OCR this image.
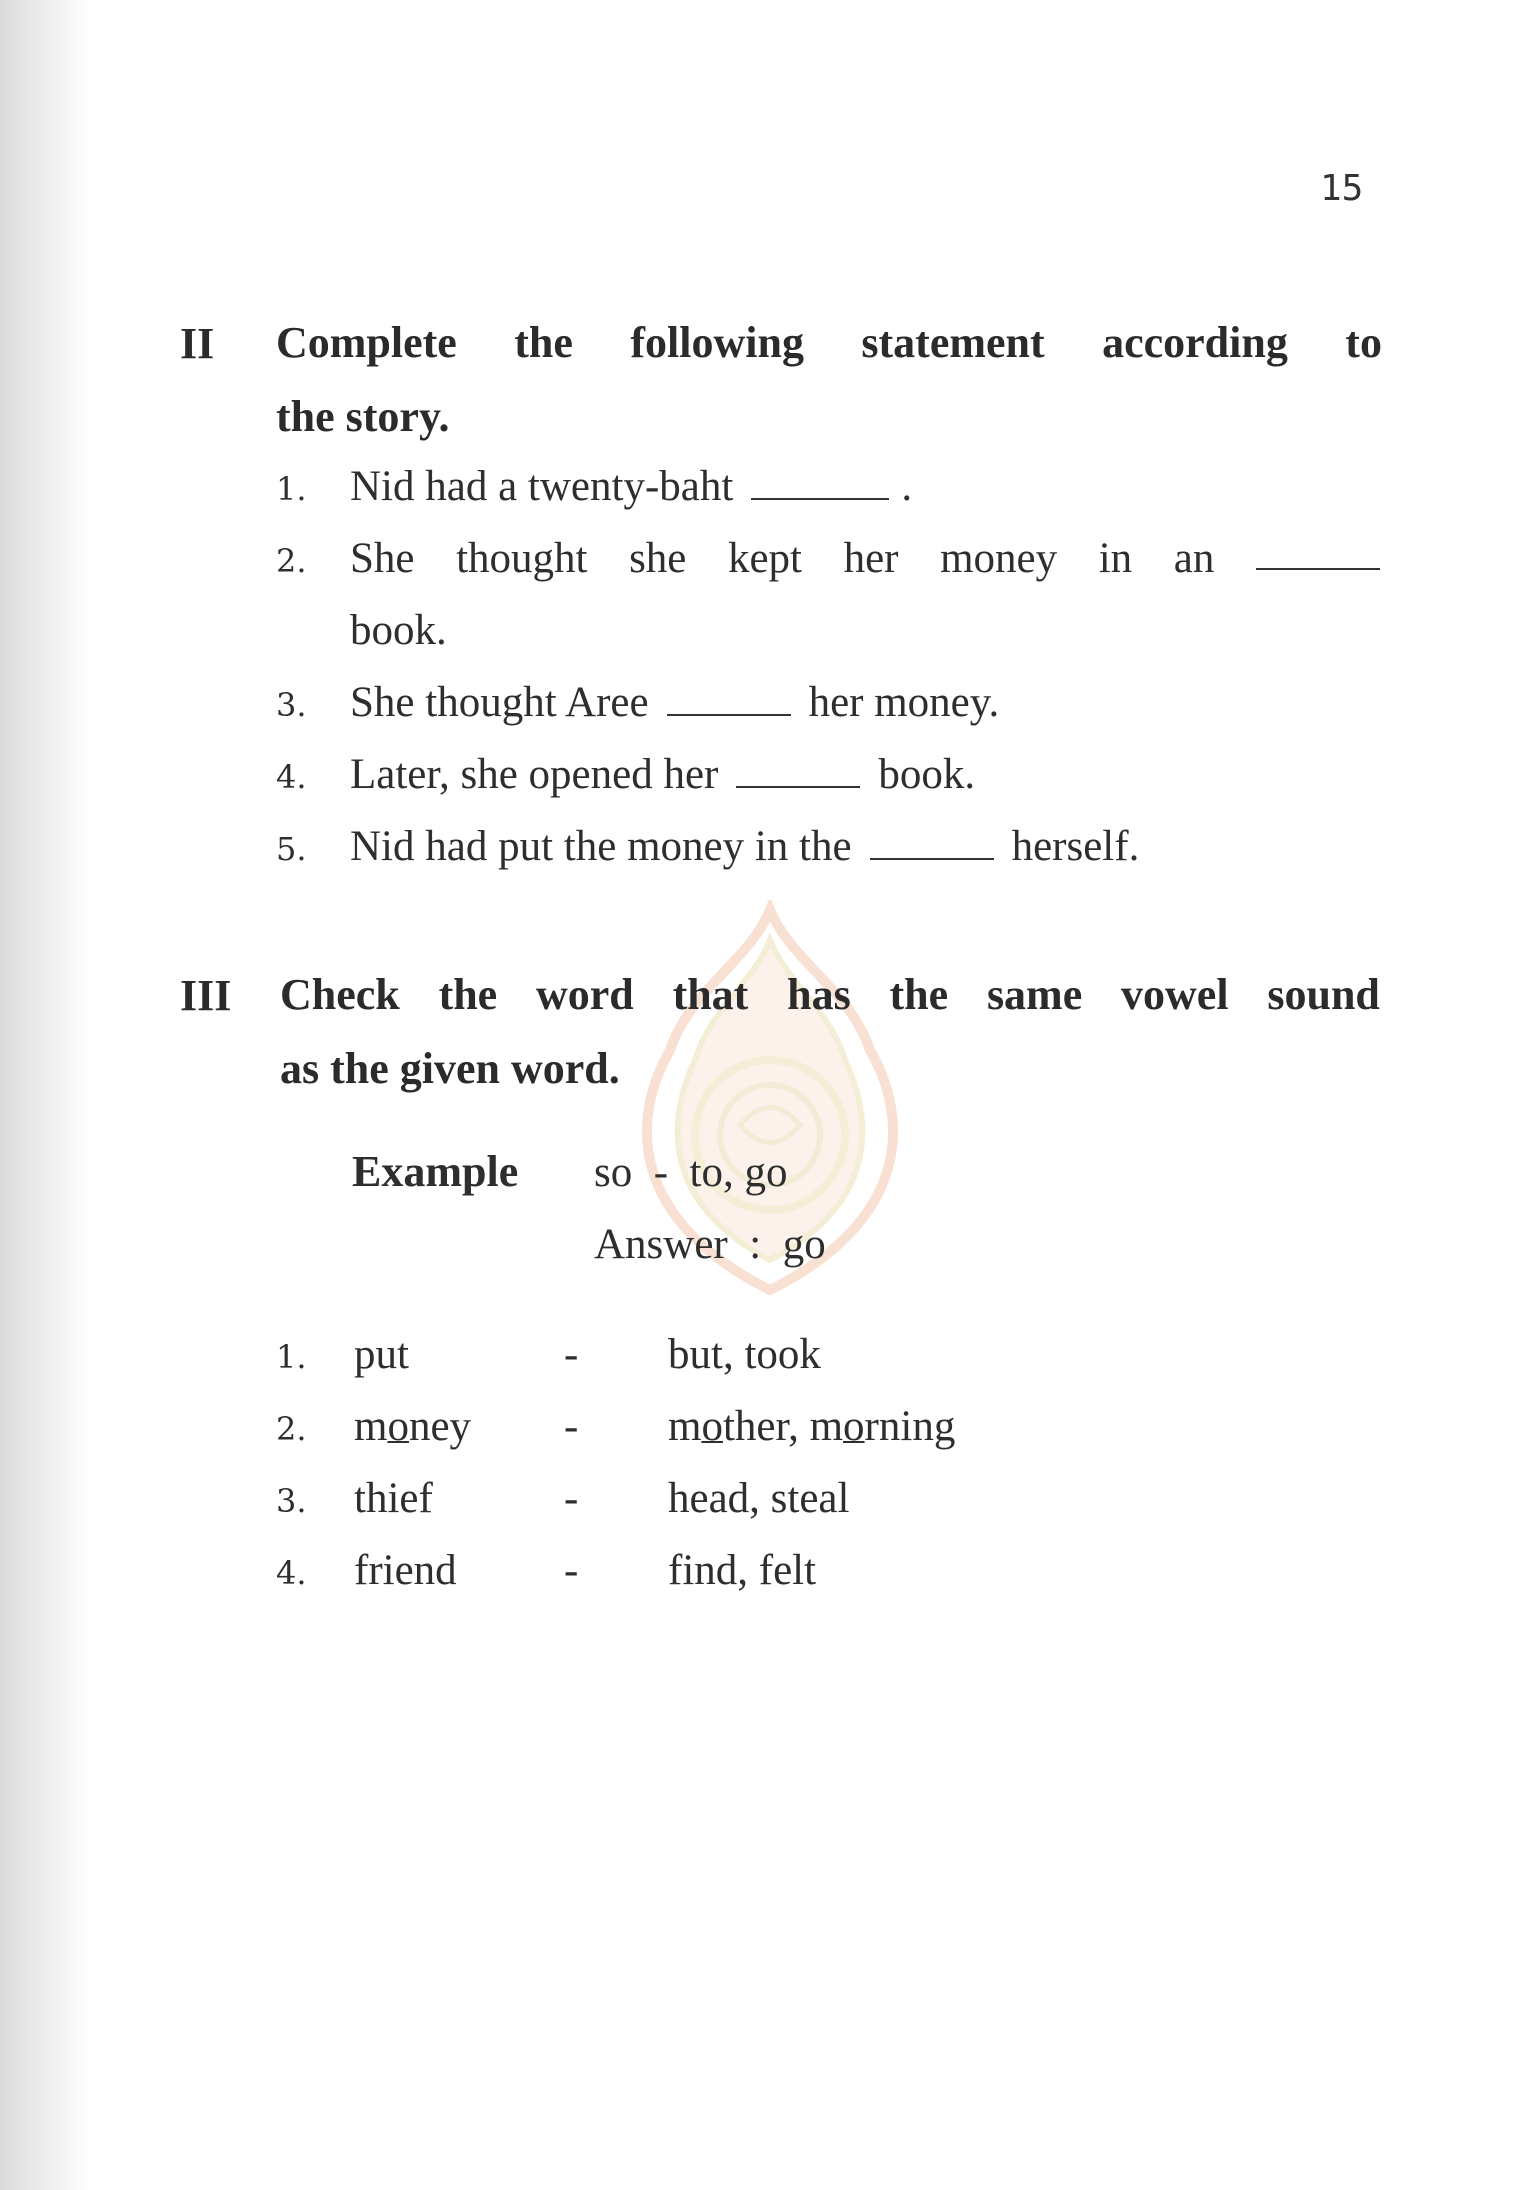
15
II Complete the following statement according to
the story.
1. Nid had a twenty-baht	.
2.	She thought she kept her money in an
book.
3. She thought Aree	her money.
4. Later, she opened her	book.
5. Nid had put the money in the	herself.
III Check the word that has the same vowel sound
as the given word.
Example so  -  to, go
Answer  :  go
1. put	- but, took
2. money - mother, morning
3. thief	- head, steal
4. friend - find, felt
